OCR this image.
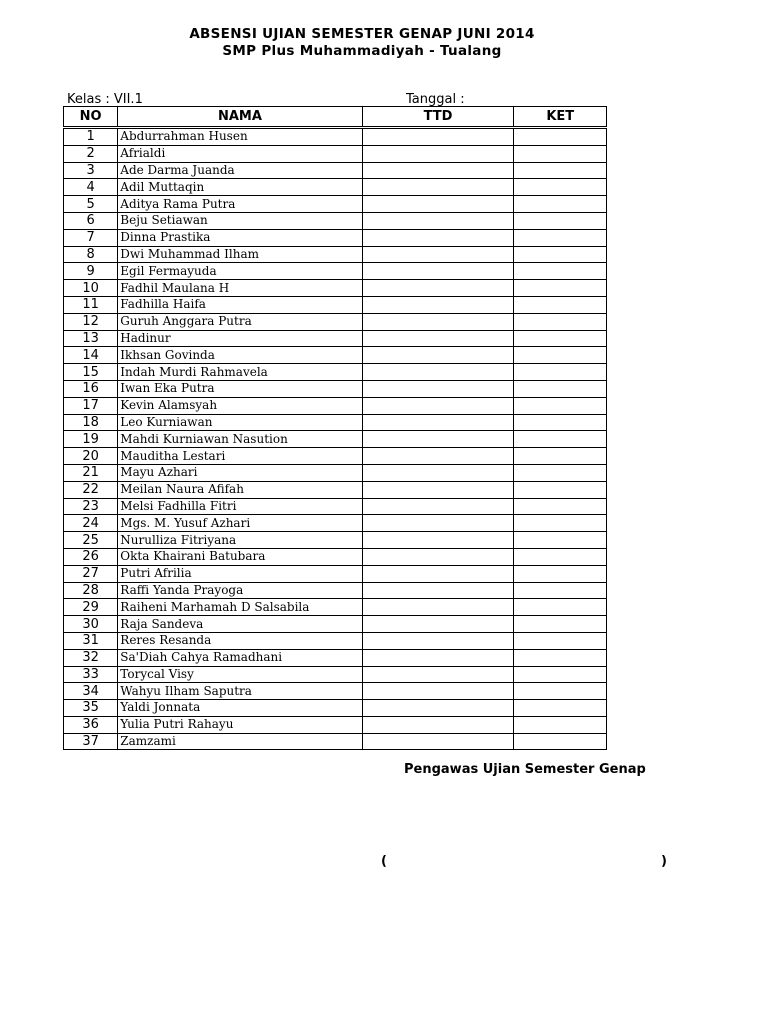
ABSENSI UJIAN SEMESTER GENAP JUNI 2014
SMP Plus Muhammadiyah - Tualang
Kelas : VII.1	Tanggal :
NO	NAMA	TTD	KET
1	Abdurrahman Husen		
2	Afrialdi		
3	Ade Darma Juanda		
4	Adil Muttaqin		
5	Aditya Rama Putra		
6	Beju Setiawan		
7	Dinna Prastika		
8	Dwi Muhammad Ilham		
9	Egil Fermayuda		
10	Fadhil Maulana H		
11	Fadhilla Haifa		
12	Guruh Anggara Putra		
13	Hadinur		
14	Ikhsan Govinda		
15	Indah Murdi Rahmavela		
16	Iwan Eka Putra		
17	Kevin Alamsyah		
18	Leo Kurniawan		
19	Mahdi Kurniawan Nasution		
20	Mauditha Lestari		
21	Mayu Azhari		
22	Meilan Naura Afifah		
23	Melsi Fadhilla Fitri		
24	Mgs. M. Yusuf Azhari		
25	Nurulliza Fitriyana		
26	Okta Khairani Batubara		
27	Putri Afrilia		
28	Raffi Yanda Prayoga		
29	Raiheni Marhamah D Salsabila		
30	Raja Sandeva		
31	Reres Resanda		
32	Sa'Diah Cahya Ramadhani		
33	Torycal Visy		
34	Wahyu Ilham Saputra		
35	Yaldi Jonnata		
36	Yulia Putri Rahayu		
37	Zamzami		
Pengawas Ujian Semester Genap
(	)
